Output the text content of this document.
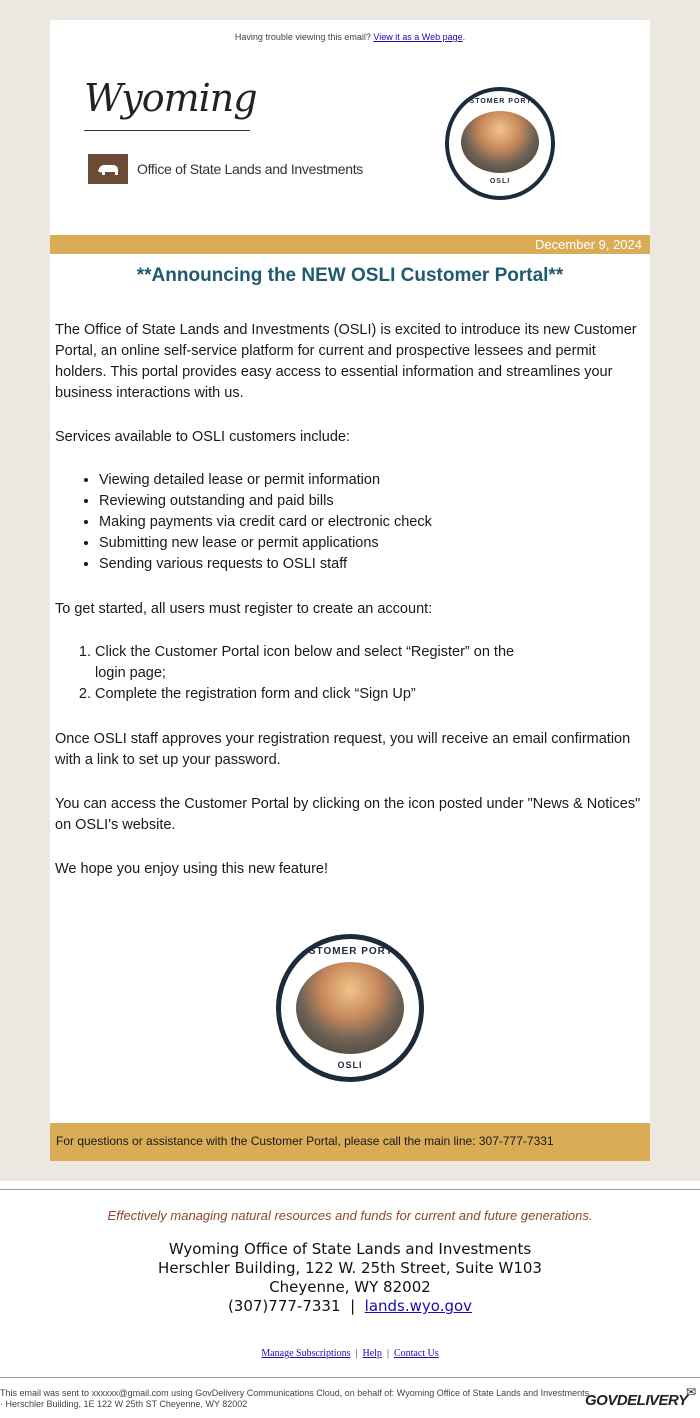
Having trouble viewing this email? View it as a Web page.
Wyoming
Office of State Lands and Investments
CUSTOMER PORTAL
OSLI
December 9, 2024
**Announcing the NEW OSLI Customer Portal**
The Office of State Lands and Investments (OSLI) is excited to introduce its new Customer Portal, an online self-service platform for current and prospective lessees and permit holders. This portal provides easy access to essential information and streamlines your business interactions with us.
Services available to OSLI customers include:
• Viewing detailed lease or permit information
• Reviewing outstanding and paid bills
• Making payments via credit card or electronic check
• Submitting new lease or permit applications
• Sending various requests to OSLI staff
To get started, all users must register to create an account:
1. Click the Customer Portal icon below and select “Register” on the login page;
2. Complete the registration form and click “Sign Up”
Once OSLI staff approves your registration request, you will receive an email confirmation with a link to set up your password.
You can access the Customer Portal by clicking on the icon posted under "News & Notices" on OSLI's website.
We hope you enjoy using this new feature!
CUSTOMER PORTAL
OSLI
For questions or assistance with the Customer Portal, please call the main line: 307-777-7331
Effectively managing natural resources and funds for current and future generations.
Wyoming Office of State Lands and Investments
Herschler Building, 122 W. 25th Street, Suite W103
Cheyenne, WY 82002
(307)777-7331 | lands.wyo.gov
Manage Subscriptions | Help | Contact Us
This email was sent to xxxxxx@gmail.com using GovDelivery Communications Cloud, on behalf of: Wyoming Office of State Lands and Investments · Herschler Building, 1E 122 W 25th ST Cheyenne, WY 82002	GOVDELIVERY
✉
